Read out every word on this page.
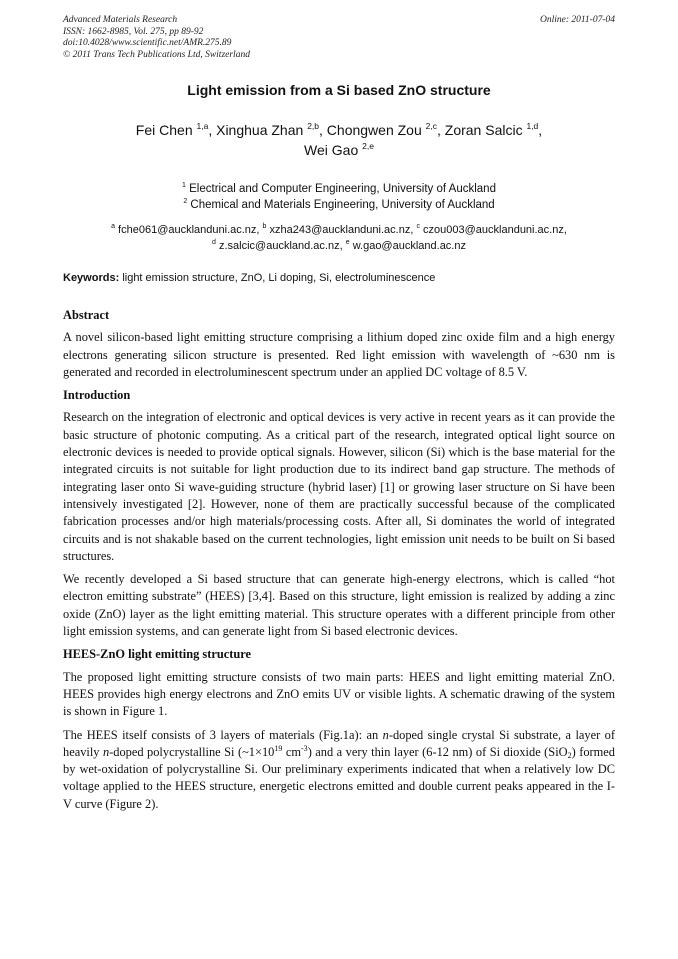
Advanced Materials Research
ISSN: 1662-8985, Vol. 275, pp 89-92
doi:10.4028/www.scientific.net/AMR.275.89
© 2011 Trans Tech Publications Ltd, Switzerland
Online: 2011-07-04
Light emission from a Si based ZnO structure
Fei Chen $^{1,a}$, Xinghua Zhan $^{2,b}$, Chongwen Zou $^{2,c}$, Zoran Salcic $^{1,d}$,
Wei Gao $^{2,e}$
$^1$ Electrical and Computer Engineering, University of Auckland
$^2$ Chemical and Materials Engineering, University of Auckland
$^a$ fche061@aucklanduni.ac.nz, $^b$ xzha243@aucklanduni.ac.nz, $^c$ czou003@aucklanduni.ac.nz,
$^d$ z.salcic@auckland.ac.nz, $^e$ w.gao@auckland.ac.nz
Keywords: light emission structure, ZnO, Li doping, Si, electroluminescence
Abstract

A novel silicon-based light emitting structure comprising a lithium doped zinc oxide film and a high energy electrons generating silicon structure is presented. Red light emission with wavelength of ~630 nm is generated and recorded in electroluminescent spectrum under an applied DC voltage of 8.5 V.

Introduction

Research on the integration of electronic and optical devices is very active in recent years as it can provide the basic structure of photonic computing. As a critical part of the research, integrated optical light source on electronic devices is needed to provide optical signals. However, silicon (Si) which is the base material for the integrated circuits is not suitable for light production due to its indirect band gap structure. The methods of integrating laser onto Si wave-guiding structure (hybrid laser) [1] or growing laser structure on Si have been intensively investigated [2]. However, none of them are practically successful because of the complicated fabrication processes and/or high materials/processing costs. After all, Si dominates the world of integrated circuits and is not shakable based on the current technologies, light emission unit needs to be built on Si based structures.

We recently developed a Si based structure that can generate high-energy electrons, which is called “hot electron emitting substrate” (HEES) [3,4]. Based on this structure, light emission is realized by adding a zinc oxide (ZnO) layer as the light emitting material. This structure operates with a different principle from other light emission systems, and can generate light from Si based electronic devices.

HEES-ZnO light emitting structure

The proposed light emitting structure consists of two main parts: HEES and light emitting material ZnO. HEES provides high energy electrons and ZnO emits UV or visible lights. A schematic drawing of the system is shown in Figure 1.

The HEES itself consists of 3 layers of materials (Fig.1a): an n-doped single crystal Si substrate, a layer of heavily n-doped polycrystalline Si ($\sim 1\times 10^{19}$ $cm^{-3}$) and a very thin layer (6-12 nm) of Si dioxide (SiO$_2$) formed by wet-oxidation of polycrystalline Si. Our preliminary experiments indicated that when a relatively low DC voltage applied to the HEES structure, energetic electrons emitted and double current peaks appeared in the I-V curve (Figure 2).
